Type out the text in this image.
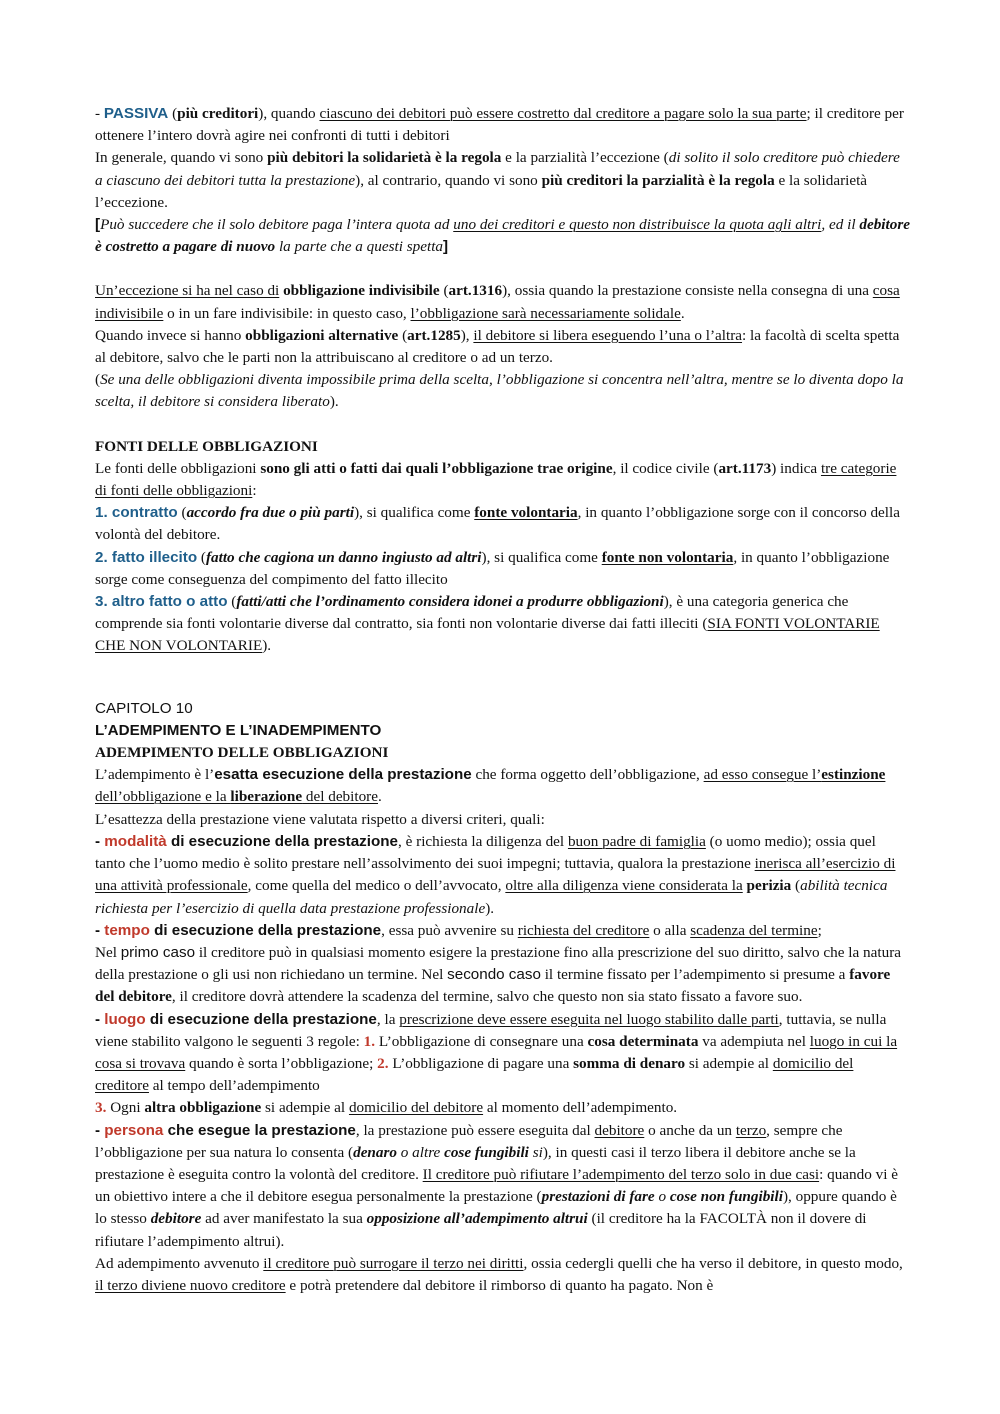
- PASSIVA (più creditori), quando ciascuno dei debitori può essere costretto dal creditore a pagare solo la sua parte; il creditore per ottenere l’intero dovrà agire nei confronti di tutti i debitori

In generale, quando vi sono più debitori la solidarietà è la regola e la parzialità l’eccezione (di solito il solo creditore può chiedere a ciascuno dei debitori tutta la prestazione), al contrario, quando vi sono più creditori la parzialità è la regola e la solidarietà l’eccezione.

[Può succedere che il solo debitore paga l’intera quota ad uno dei creditori e questo non distribuisce la quota agli altri, ed il debitore è costretto a pagare di nuovo la parte che a questi spetta]

Un’eccezione si ha nel caso di obbligazione indivisibile (art.1316), ossia quando la prestazione consiste nella consegna di una cosa indivisibile o in un fare indivisibile: in questo caso, l’obbligazione sarà necessariamente solidale.

Quando invece si hanno obbligazioni alternative (art.1285), il debitore si libera eseguendo l’una o l’altra: la facoltà di scelta spetta al debitore, salvo che le parti non la attribuiscano al creditore o ad un terzo.

(Se una delle obbligazioni diventa impossibile prima della scelta, l’obbligazione si concentra nell’altra, mentre se lo diventa dopo la scelta, il debitore si considera liberato).

FONTI DELLE OBBLIGAZIONI

Le fonti delle obbligazioni sono gli atti o fatti dai quali l’obbligazione trae origine, il codice civile (art.1173) indica tre categorie di fonti delle obbligazioni:

1. contratto (accordo fra due o più parti), si qualifica come fonte volontaria, in quanto l’obbligazione sorge con il concorso della volontà del debitore.

2. fatto illecito (fatto che cagiona un danno ingiusto ad altri), si qualifica come fonte non volontaria, in quanto l’obbligazione sorge come conseguenza del compimento del fatto illecito

3. altro fatto o atto (fatti/atti che l’ordinamento considera idonei a produrre obbligazioni), è una categoria generica che comprende sia fonti volontarie diverse dal contratto, sia fonti non volontarie diverse dai fatti illeciti (SIA FONTI VOLONTARIE CHE NON VOLONTARIE).

CAPITOLO 10

L’ADEMPIMENTO E L’INADEMPIMENTO

ADEMPIMENTO DELLE OBBLIGAZIONI

L’adempimento è l’esatta esecuzione della prestazione che forma oggetto dell’obbligazione, ad esso consegue l’estinzione dell’obbligazione e la liberazione del debitore.

L’esattezza della prestazione viene valutata rispetto a diversi criteri, quali:

- modalità di esecuzione della prestazione, è richiesta la diligenza del buon padre di famiglia (o uomo medio); ossia quel tanto che l’uomo medio è solito prestare nell’assolvimento dei suoi impegni; tuttavia, qualora la prestazione inerisca all’esercizio di una attività professionale, come quella del medico o dell’avvocato, oltre alla diligenza viene considerata la perizia (abilità tecnica richiesta per l’esercizio di quella data prestazione professionale).

- tempo di esecuzione della prestazione, essa può avvenire su richiesta del creditore o alla scadenza del termine;
Nel primo caso il creditore può in qualsiasi momento esigere la prestazione fino alla prescrizione del suo diritto, salvo che la natura della prestazione o gli usi non richiedano un termine. Nel secondo caso il termine fissato per l’adempimento si presume a favore del debitore, il creditore dovrà attendere la scadenza del termine, salvo che questo non sia stato fissato a favore suo.

- luogo di esecuzione della prestazione, la prescrizione deve essere eseguita nel luogo stabilito dalle parti, tuttavia, se nulla viene stabilito valgono le seguenti 3 regole: 1. L’obbligazione di consegnare una cosa determinata va adempiuta nel luogo in cui la cosa si trovava quando è sorta l’obbligazione; 2. L’obbligazione di pagare una somma di denaro si adempie al domicilio del creditore al tempo dell’adempimento

3. Ogni altra obbligazione si adempie al domicilio del debitore al momento dell’adempimento.

- persona che esegue la prestazione, la prestazione può essere eseguita dal debitore o anche da un terzo, sempre che l’obbligazione per sua natura lo consenta (denaro o altre cose fungibili si), in questi casi il terzo libera il debitore anche se la prestazione è eseguita contro la volontà del creditore. Il creditore può rifiutare l’adempimento del terzo solo in due casi: quando vi è un obiettivo intere a che il debitore esegua personalmente la prestazione (prestazioni di fare o cose non fungibili), oppure quando è lo stesso debitore ad aver manifestato la sua opposizione all’adempimento altrui (il creditore ha la FACOLTÀ non il dovere di rifiutare l’adempimento altrui).

Ad adempimento avvenuto il creditore può surrogare il terzo nei diritti, ossia cedergli quelli che ha verso il debitore, in questo modo, il terzo diviene nuovo creditore e potrà pretendere dal debitore il rimborso di quanto ha pagato. Non è
